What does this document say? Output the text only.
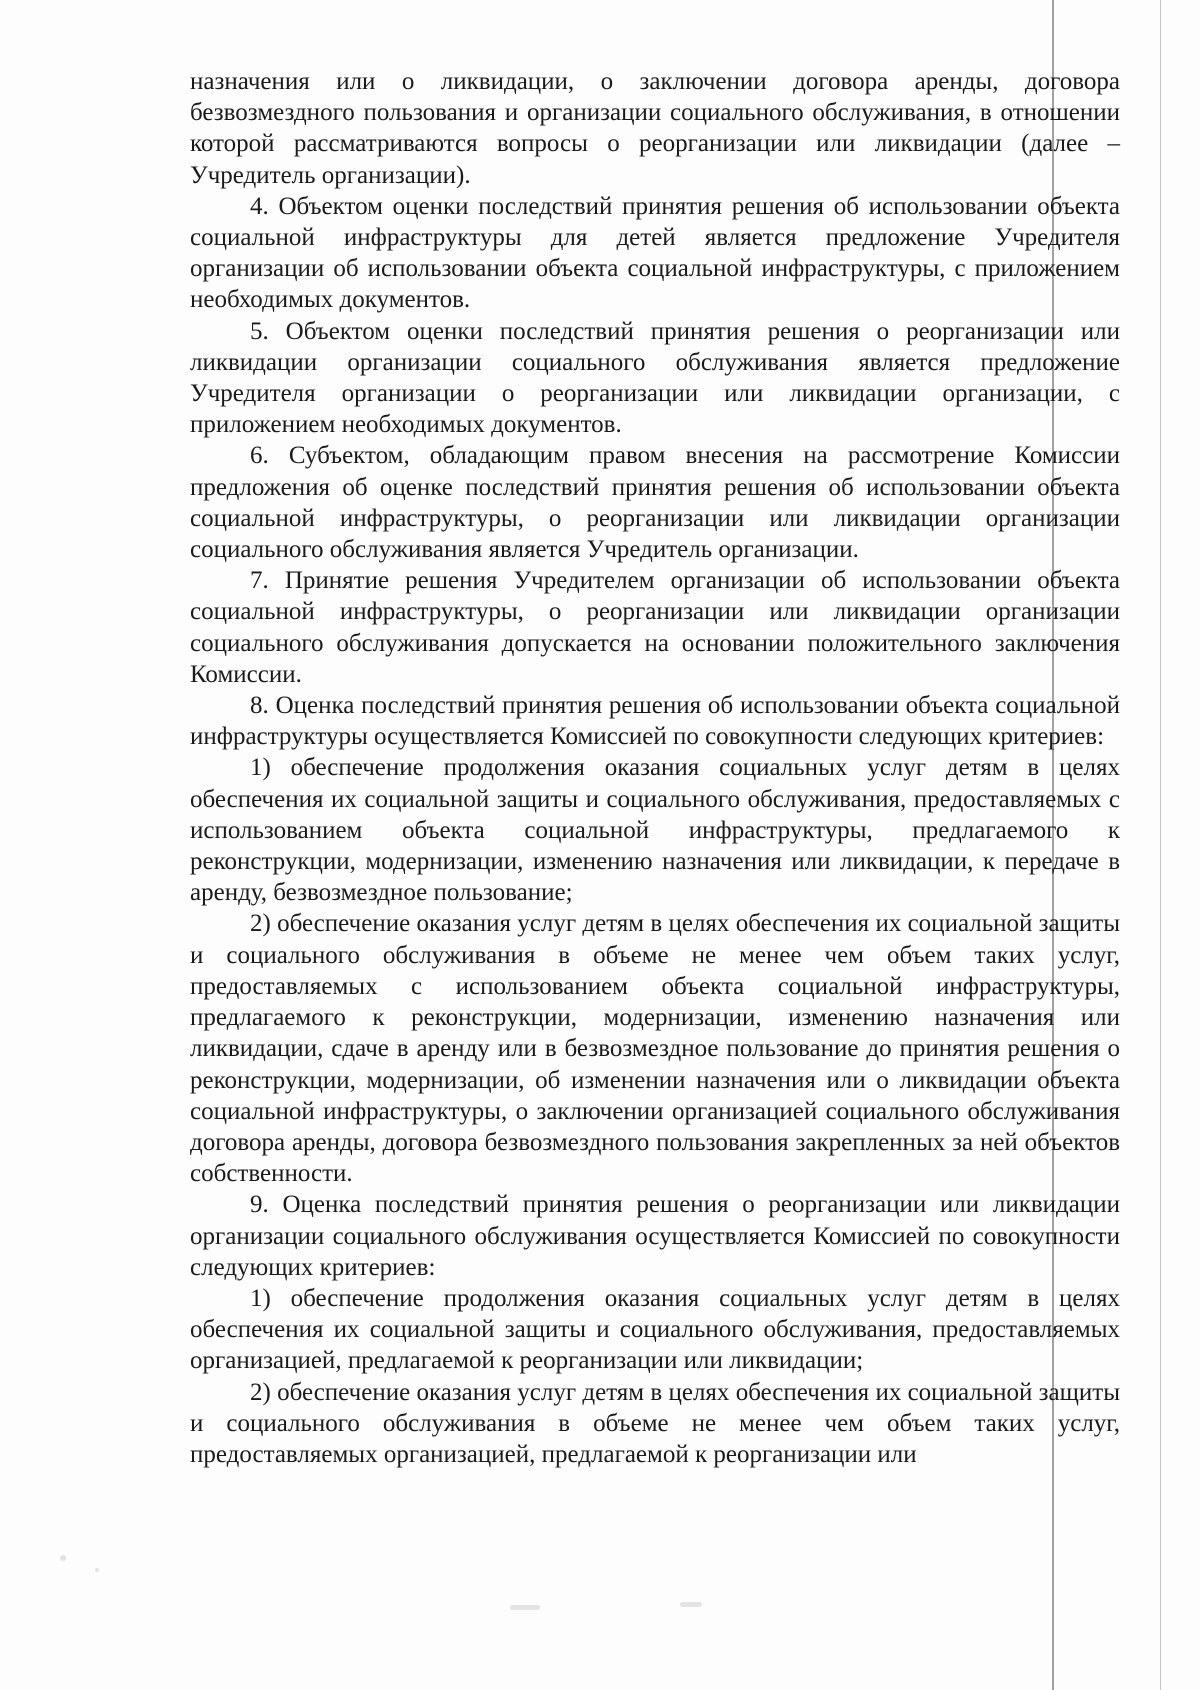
назначения или о ликвидации, о заключении договора аренды, договора безвозмездного пользования и организации социального обслуживания, в отношении которой рассматриваются вопросы о реорганизации или ликвидации (далее – Учредитель организации).

4. Объектом оценки последствий принятия решения об использовании объекта социальной инфраструктуры для детей является предложение Учредителя организации об использовании объекта социальной инфраструктуры, с приложением необходимых документов.

5. Объектом оценки последствий принятия решения о реорганизации или ликвидации организации социального обслуживания является предложение Учредителя организации о реорганизации или ликвидации организации, с приложением необходимых документов.

6. Субъектом, обладающим правом внесения на рассмотрение Комиссии предложения об оценке последствий принятия решения об использовании объекта социальной инфраструктуры, о реорганизации или ликвидации организации социального обслуживания является Учредитель организации.

7. Принятие решения Учредителем организации об использовании объекта социальной инфраструктуры, о реорганизации или ликвидации организации социального обслуживания допускается на основании положительного заключения Комиссии.

8. Оценка последствий принятия решения об использовании объекта социальной инфраструктуры осуществляется Комиссией по совокупности следующих критериев:

1) обеспечение продолжения оказания социальных услуг детям в целях обеспечения их социальной защиты и социального обслуживания, предоставляемых с использованием объекта социальной инфраструктуры, предлагаемого к реконструкции, модернизации, изменению назначения или ликвидации, к передаче в аренду, безвозмездное пользование;

2) обеспечение оказания услуг детям в целях обеспечения их социальной защиты и социального обслуживания в объеме не менее чем объем таких услуг, предоставляемых с использованием объекта социальной инфраструктуры, предлагаемого к реконструкции, модернизации, изменению назначения или ликвидации, сдаче в аренду или в безвозмездное пользование до принятия решения о реконструкции, модернизации, об изменении назначения или о ликвидации объекта социальной инфраструктуры, о заключении организацией социального обслуживания договора аренды, договора безвозмездного пользования закрепленных за ней объектов собственности.

9. Оценка последствий принятия решения о реорганизации или ликвидации организации социального обслуживания осуществляется Комиссией по совокупности следующих критериев:

1) обеспечение продолжения оказания социальных услуг детям в целях обеспечения их социальной защиты и социального обслуживания, предоставляемых организацией, предлагаемой к реорганизации или ликвидации;

2) обеспечение оказания услуг детям в целях обеспечения их социальной защиты и социального обслуживания в объеме не менее чем объем таких услуг, предоставляемых организацией, предлагаемой к реорганизации или
